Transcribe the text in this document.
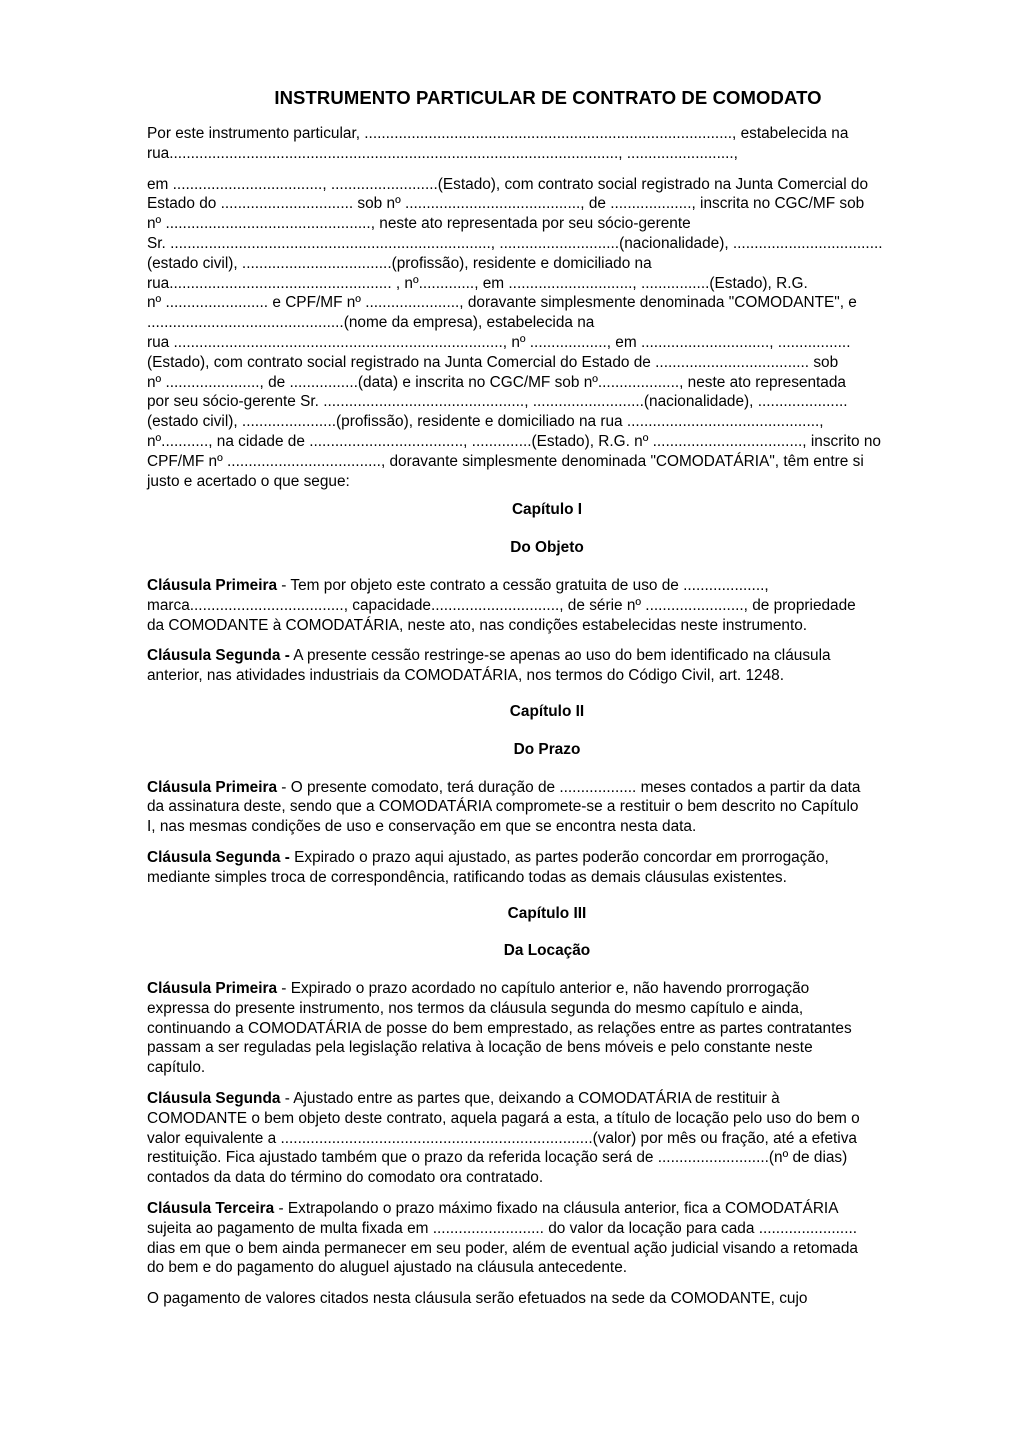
INSTRUMENTO PARTICULAR DE CONTRATO DE COMODATO

Por este instrumento particular, ......................................................................................, estabelecida na

rua........................................................................................................., .........................,

em ..................................., .........................(Estado), com contrato social registrado na Junta Comercial do

Estado do ............................... sob nº ........................................., de ..................., inscrita no CGC/MF sob

nº ................................................, neste ato representada por seu sócio-gerente

Sr. ..........................................................................., ............................(nacionalidade), ...................................

(estado civil), ...................................(profissão), residente e domiciliado na

rua.................................................... , nº............., em ............................., ................(Estado), R.G.

nº ........................ e CPF/MF nº ......................, doravante simplesmente denominada "COMODANTE", e

..............................................(nome da empresa), estabelecida na

rua ............................................................................., nº .................., em .............................., .................

(Estado), com contrato social registrado na Junta Comercial do Estado de .................................... sob

nº ......................, de ................(data) e inscrita no CGC/MF sob nº..................., neste ato representada

por seu sócio-gerente Sr. ..............................................., ..........................(nacionalidade), .....................

(estado civil), ......................(profissão), residente e domiciliado na rua .............................................,

nº..........., na cidade de ...................................., ..............(Estado), R.G. nº ..................................., inscrito no

CPF/MF nº ...................................., doravante simplesmente denominada "COMODATÁRIA", têm entre si

justo e acertado o que segue:

Capítulo I
Do Objeto
Cláusula Primeira - Tem por objeto este contrato a cessão gratuita de uso de ...................,
marca...................................., capacidade.............................., de série nº ......................., de propriedade
da COMODANTE à COMODATÁRIA, neste ato, nas condições estabelecidas neste instrumento.
Cláusula Segunda - A presente cessão restringe-se apenas ao uso do bem identificado na cláusula
anterior, nas atividades industriais da COMODATÁRIA, nos termos do Código Civil, art. 1248.
Capítulo II
Do Prazo
Cláusula Primeira - O presente comodato, terá duração de .................. meses contados a partir da data
da assinatura deste, sendo que a COMODATÁRIA compromete-se a restituir o bem descrito no Capítulo
I, nas mesmas condições de uso e conservação em que se encontra nesta data.
Cláusula Segunda - Expirado o prazo aqui ajustado, as partes poderão concordar em prorrogação,
mediante simples troca de correspondência, ratificando todas as demais cláusulas existentes.
Capítulo III
Da Locação
Cláusula Primeira - Expirado o prazo acordado no capítulo anterior e, não havendo prorrogação
expressa do presente instrumento, nos termos da cláusula segunda do mesmo capítulo e ainda,
continuando a COMODATÁRIA de posse do bem emprestado, as relações entre as partes contratantes
passam a ser reguladas pela legislação relativa à locação de bens móveis e pelo constante neste
capítulo.
Cláusula Segunda - Ajustado entre as partes que, deixando a COMODATÁRIA de restituir à
COMODANTE o bem objeto deste contrato, aquela pagará a esta, a título de locação pelo uso do bem o
valor equivalente a .........................................................................(valor) por mês ou fração, até a efetiva
restituição. Fica ajustado também que o prazo da referida locação será de ..........................(nº de dias)
contados da data do término do comodato ora contratado.
Cláusula Terceira - Extrapolando o prazo máximo fixado na cláusula anterior, fica a COMODATÁRIA
sujeita ao pagamento de multa fixada em .......................... do valor da locação para cada .......................
dias em que o bem ainda permanecer em seu poder, além de eventual ação judicial visando a retomada
do bem e do pagamento do aluguel ajustado na cláusula antecedente.
O pagamento de valores citados nesta cláusula serão efetuados na sede da COMODANTE, cujo
